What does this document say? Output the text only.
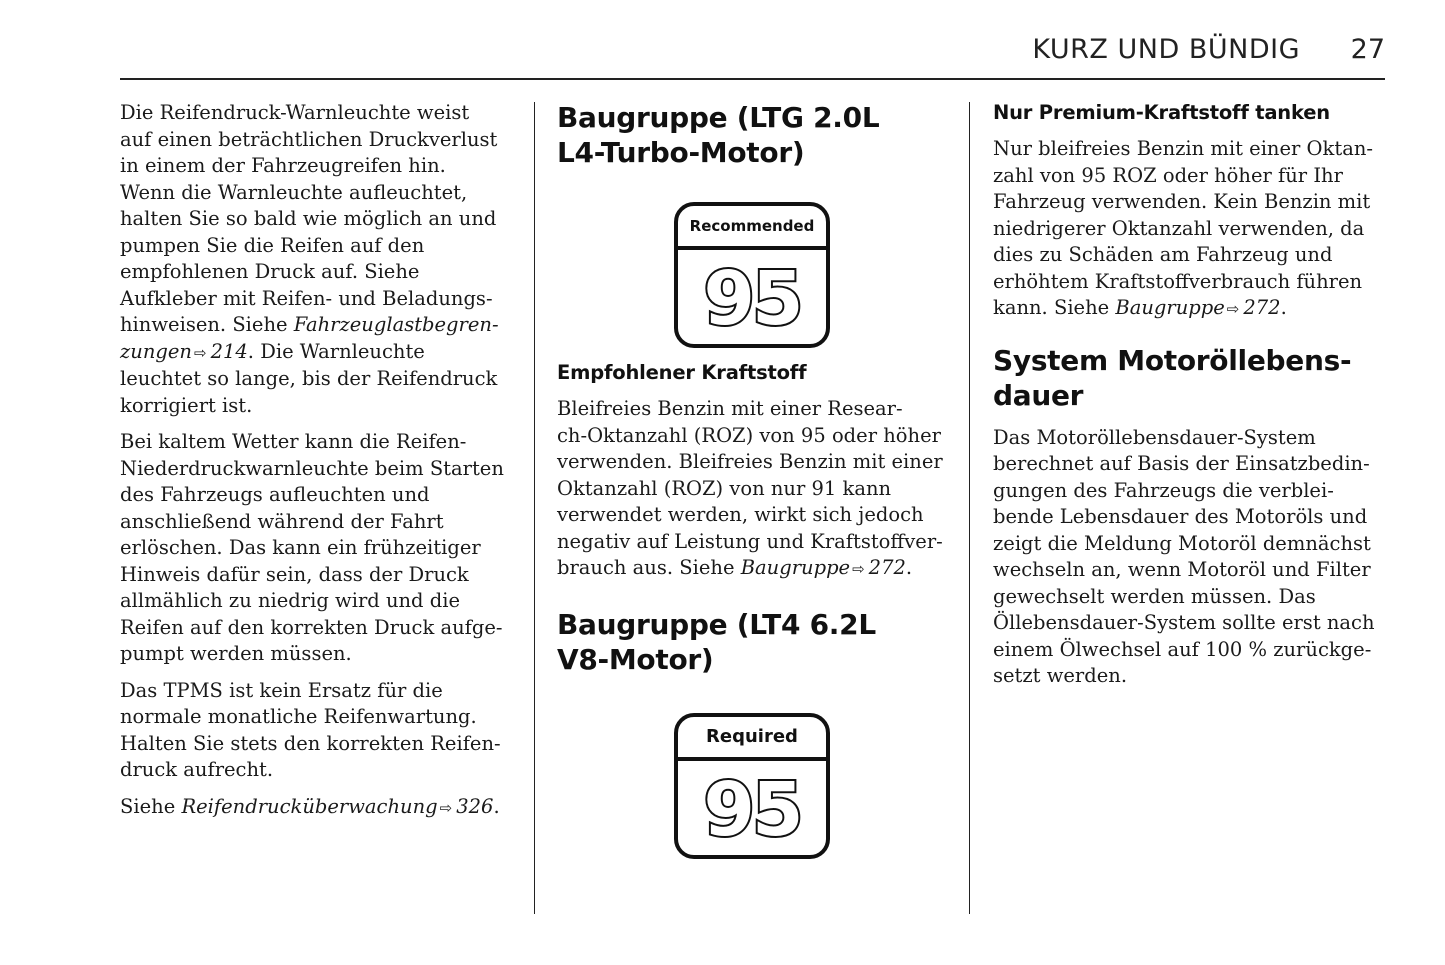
KURZ UND BÜNDIG 27

Die Reifendruck-Warnleuchte weist
auf einen beträchtlichen Druckverlust
in einem der Fahrzeugreifen hin.
Wenn die Warnleuchte aufleuchtet,
halten Sie so bald wie möglich an und
pumpen Sie die Reifen auf den
empfohlenen Druck auf. Siehe
Aufkleber mit Reifen- und Beladungs-
hinweisen. Siehe Fahrzeuglastbegren-
zungen ⇨ 214. Die Warnleuchte
leuchtet so lange, bis der Reifendruck
korrigiert ist.

Bei kaltem Wetter kann die Reifen-
Niederdruckwarnleuchte beim Starten
des Fahrzeugs aufleuchten und
anschließend während der Fahrt
erlöschen. Das kann ein frühzeitiger
Hinweis dafür sein, dass der Druck
allmählich zu niedrig wird und die
Reifen auf den korrekten Druck aufge-
pumpt werden müssen.

Das TPMS ist kein Ersatz für die
normale monatliche Reifenwartung.
Halten Sie stets den korrekten Reifen-
druck aufrecht.

Siehe Reifendrucküberwachung ⇨ 326.

Baugruppe (LTG 2.0L
L4-Turbo-Motor)
Recommended
95
Empfohlener Kraftstoff

Bleifreies Benzin mit einer Resear-
ch-Oktanzahl (ROZ) von 95 oder höher
verwenden. Bleifreies Benzin mit einer
Oktanzahl (ROZ) von nur 91 kann
verwendet werden, wirkt sich jedoch
negativ auf Leistung und Kraftstoffver-
brauch aus. Siehe Baugruppe ⇨ 272.

Baugruppe (LT4 6.2L
V8-Motor)
Required
95
Nur Premium-Kraftstoff tanken

Nur bleifreies Benzin mit einer Oktan-
zahl von 95 ROZ oder höher für Ihr
Fahrzeug verwenden. Kein Benzin mit
niedrigerer Oktanzahl verwenden, da
dies zu Schäden am Fahrzeug und
erhöhtem Kraftstoffverbrauch führen
kann. Siehe Baugruppe ⇨ 272.

System Motoröllebens-
dauer

Das Motoröllebensdauer-System
berechnet auf Basis der Einsatzbedin-
gungen des Fahrzeugs die verblei-
bende Lebensdauer des Motoröls und
zeigt die Meldung Motoröl demnächst
wechseln an, wenn Motoröl und Filter
gewechselt werden müssen. Das
Öllebensdauer-System sollte erst nach
einem Ölwechsel auf 100 % zurückge-
setzt werden.
